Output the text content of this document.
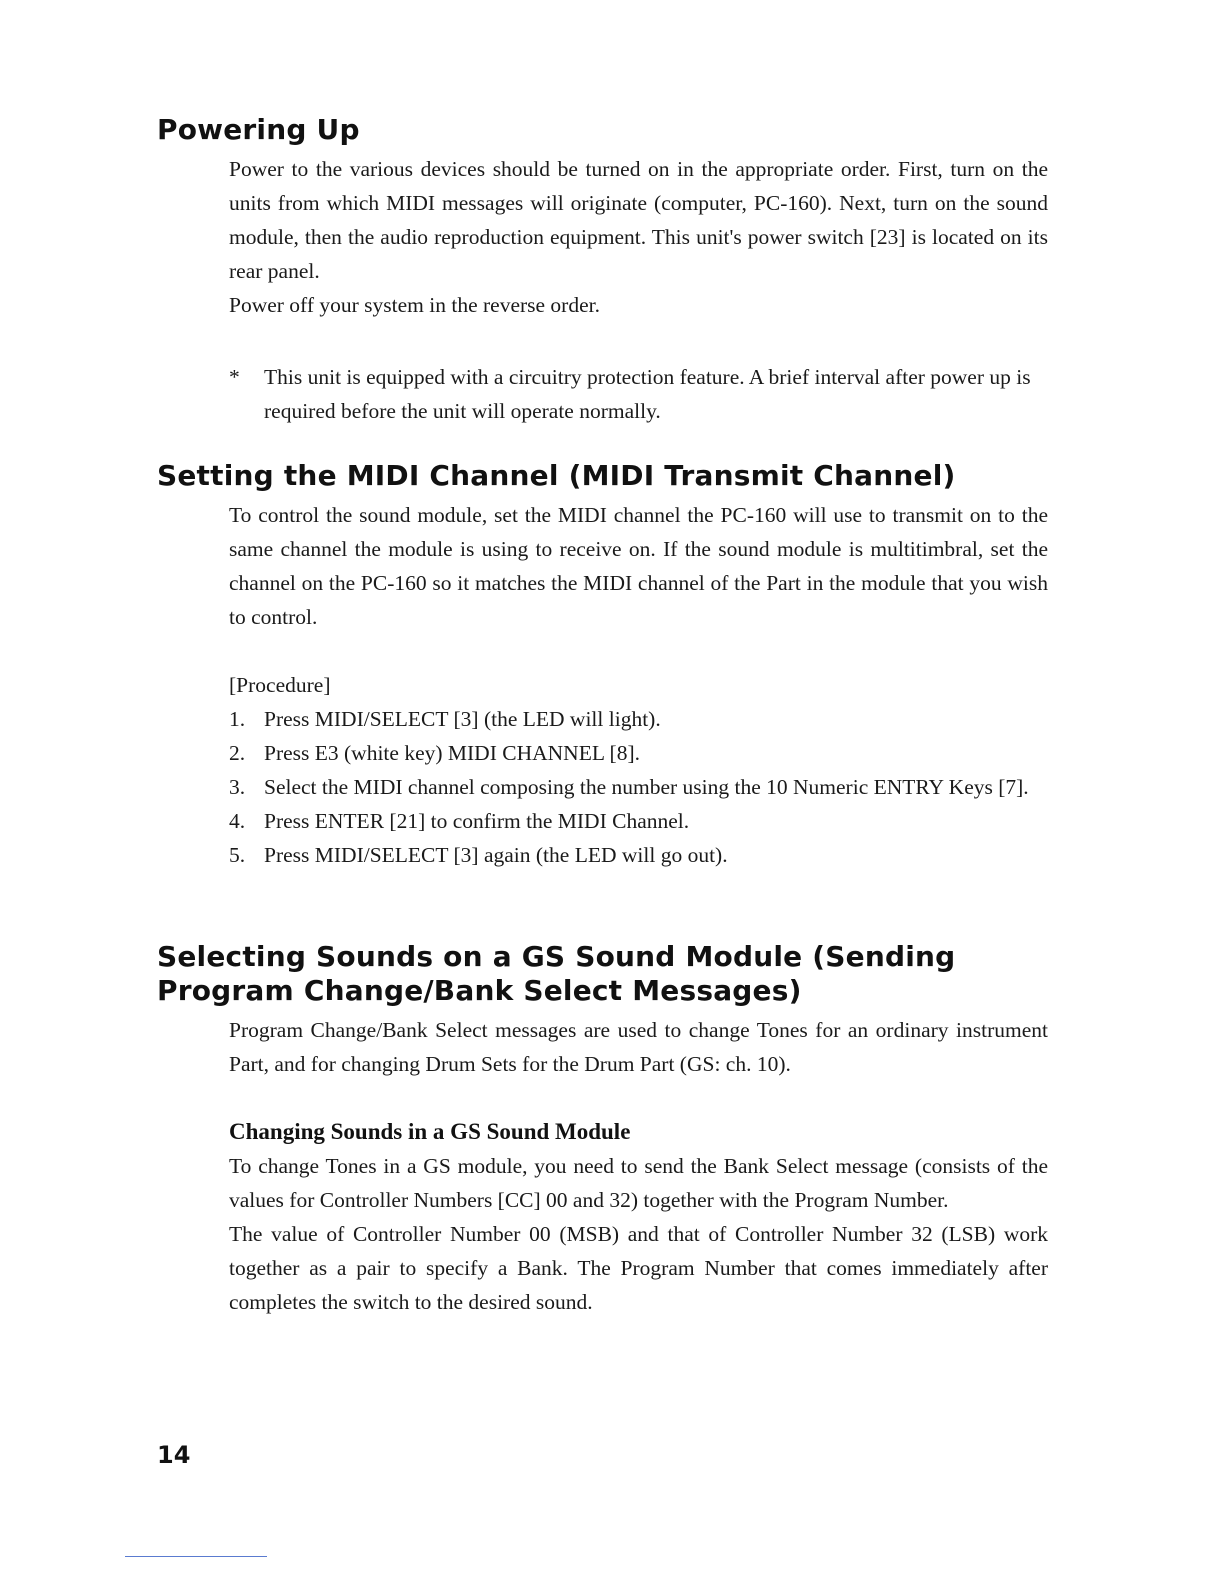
Powering Up

Power to the various devices should be turned on in the appropriate order. First, turn on the units from which MIDI messages will originate (computer, PC-160). Next, turn on the sound module, then the audio reproduction equipment. This unit's power switch [23] is located on its rear panel.

Power off your system in the reverse order.

*	This unit is equipped with a circuitry protection feature. A brief interval after power up is required before the unit will operate normally.
Setting the MIDI Channel (MIDI Transmit Channel)

To control the sound module, set the MIDI channel the PC-160 will use to transmit on to the same channel the module is using to receive on. If the sound module is multitimbral, set the channel on the PC-160 so it matches the MIDI channel of the Part in the module that you wish to control.

[Procedure]

1. Press MIDI/SELECT [3] (the LED will light).
2. Press E3 (white key) MIDI CHANNEL [8].
3. Select the MIDI channel composing the number using the 10 Numeric ENTRY Keys [7].
4. Press ENTER [21] to confirm the MIDI Channel.
5. Press MIDI/SELECT [3] again (the LED will go out).
Selecting Sounds on a GS Sound Module (Sending
Program Change/Bank Select Messages)

Program Change/Bank Select messages are used to change Tones for an ordinary instrument Part, and for changing Drum Sets for the Drum Part (GS: ch. 10).

Changing Sounds in a GS Sound Module

To change Tones in a GS module, you need to send the Bank Select message (consists of the values for Controller Numbers [CC] 00 and 32) together with the Program Number.

The value of Controller Number 00 (MSB) and that of Controller Number 32 (LSB) work together as a pair to specify a Bank. The Program Number that comes immediately after completes the switch to the desired sound.

14
